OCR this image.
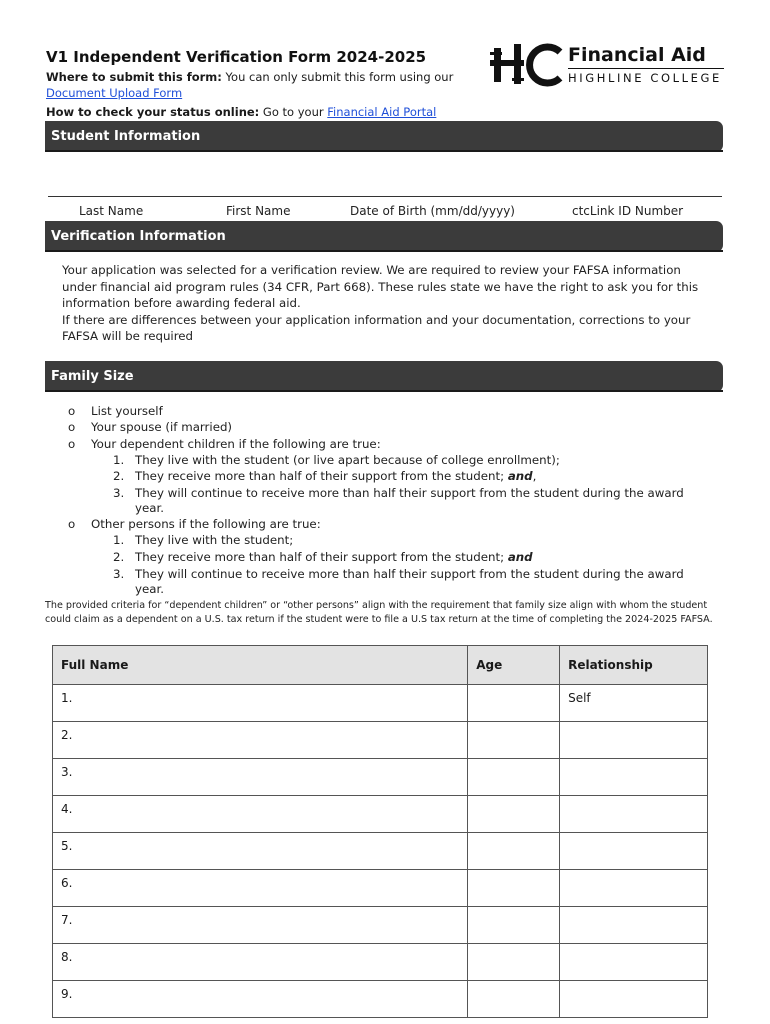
V1 Independent Verification Form 2024-2025
Where to submit this form: You can only submit this form using our
Document Upload Form
How to check your status online: Go to your Financial Aid Portal
Financial Aid
HIGHLINE COLLEGE
Student Information
Last Name	First Name	Date of Birth (mm/dd/yyyy)	ctcLink ID Number
Verification Information
Your application was selected for a verification review. We are required to review your FAFSA information
under financial aid program rules (34 CFR, Part 668). These rules state we have the right to ask you for this
information before awarding federal aid.
If there are differences between your application information and your documentation, corrections to your
FAFSA will be required
Family Size
o List yourself
o Your spouse (if married)
o Your dependent children if the following are true:
1. They live with the student (or live apart because of college enrollment);
2. They receive more than half of their support from the student; and,
3. They will continue to receive more than half their support from the student during the award
year.
o Other persons if the following are true:
1. They live with the student;
2. They receive more than half of their support from the student; and
3. They will continue to receive more than half their support from the student during the award
year.
The provided criteria for “dependent children” or “other persons” align with the requirement that family size align with whom the student
could claim as a dependent on a U.S. tax return if the student were to file a U.S tax return at the time of completing the 2024-2025 FAFSA.
Full Name	Age	Relationship
1.		Self
2.		
3.		
4.		
5.		
6.		
7.		
8.		
9.		
